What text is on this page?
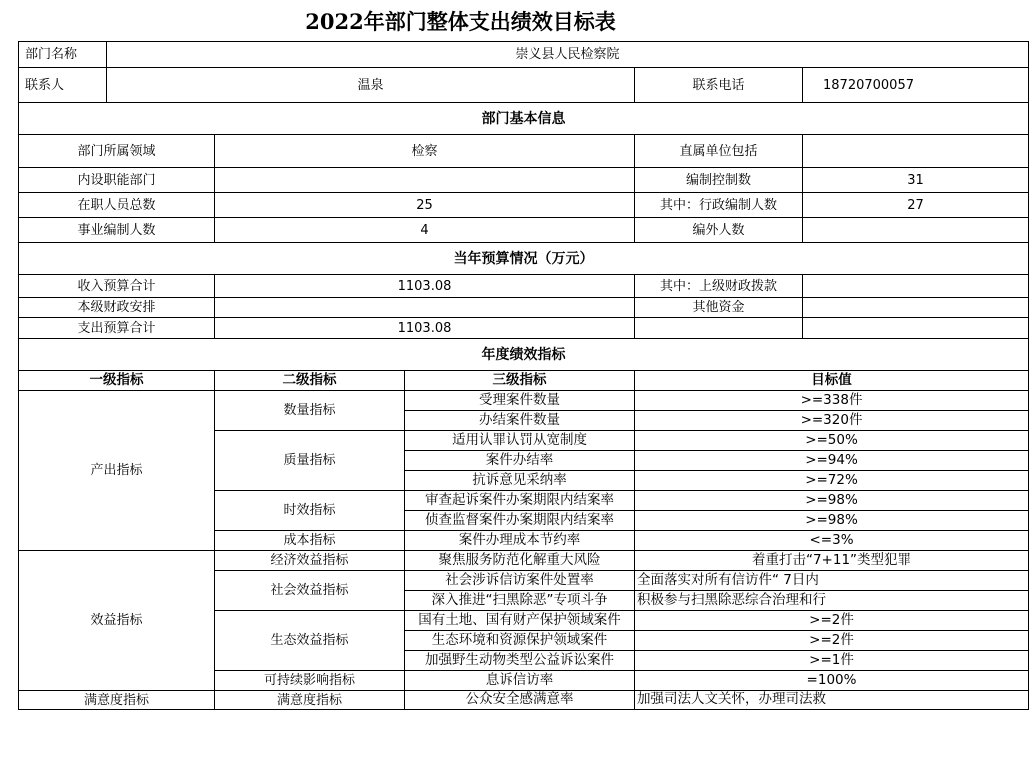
2022年部门整体支出绩效目标表
部门名称	崇义县人民检察院				
联系人	温泉			联系电话	18720700057
部门基本信息					
部门所属领域		检察		直属单位包括	
内设职能部门				编制控制数	31
在职人员总数		25		其中：行政编制人数	27
事业编制人数		4		编外人数	
当年预算情况（万元）					
收入预算合计		1103.08		其中：上级财政拨款	
本级财政安排				其他资金	
支出预算合计		1103.08			
年度绩效指标					
一级指标		二级指标	三级指标	目标值	
产出指标		数量指标	受理案件数量	>=338件	
			办结案件数量	>=320件	
		质量指标	适用认罪认罚从宽制度	>=50%	
			案件办结率	>=94%	
			抗诉意见采纳率	>=72%	
		时效指标	审查起诉案件办案期限内结案率	>=98%	
			侦查监督案件办案期限内结案率	>=98%	
		成本指标	案件办理成本节约率	<=3%	
效益指标		经济效益指标	聚焦服务防范化解重大风险	着重打击“7+11”类型犯罪	
		社会效益指标	社会涉诉信访案件处置率	全面落实对所有信访件“ 7日内	
			深入推进“扫黑除恶”专项斗争	积极参与扫黑除恶综合治理和行	
		生态效益指标	国有土地、国有财产保护领域案件	>=2件	
			生态环境和资源保护领域案件	>=2件	
			加强野生动物类型公益诉讼案件	>=1件	
		可持续影响指标	息诉信访率	=100%	
满意度指标		满意度指标	公众安全感满意率	加强司法人文关怀，办理司法救	
